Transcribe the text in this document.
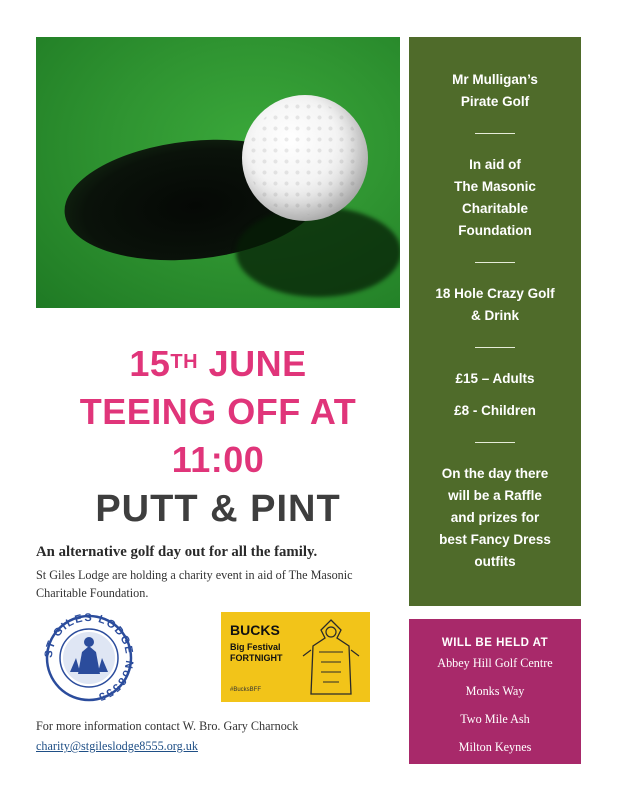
Mr Mulligan’s
Pirate Golf
In aid of
The Masonic
Charitable
Foundation
18 Hole Crazy Golf
& Drink
£15 – Adults
£8 - Children
On the day there
will be a Raffle
and prizes for
best Fancy Dress
outfits
15TH JUNE
TEEING OFF AT
11:00
PUTT & PINT
An alternative golf day out for all the family.
St Giles Lodge are holding a charity event in aid of The Masonic Charitable Foundation.
ST GILES LODGE No8555
BUCKS
Big Festival
FORTNIGHT
#BucksBFF
For more information contact W. Bro. Gary Charnock
charity@stgileslodge8555.org.uk
WILL BE HELD AT
Abbey Hill Golf Centre
Monks Way
Two Mile Ash
Milton Keynes
